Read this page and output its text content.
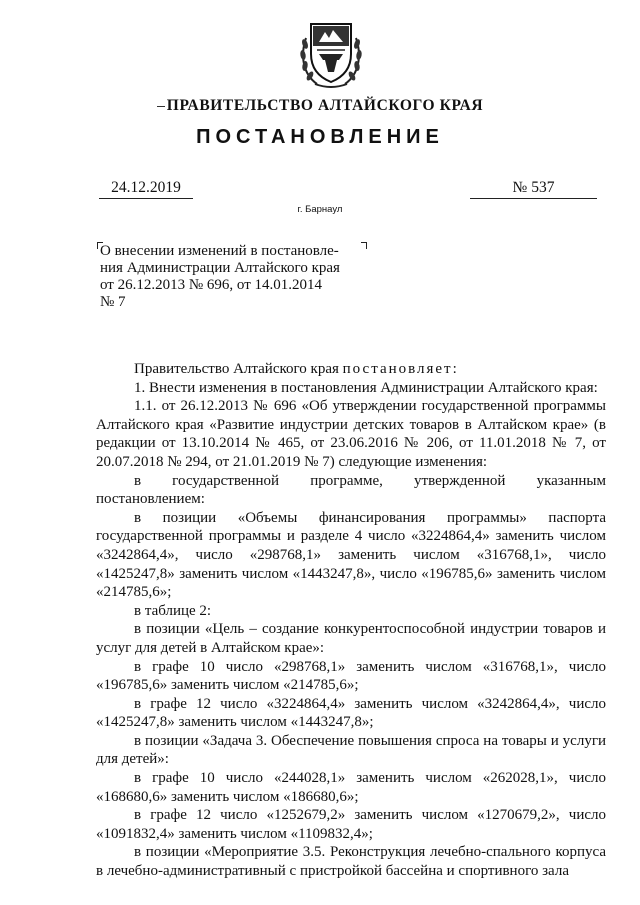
ПРАВИТЕЛЬСТВО АЛТАЙСКОГО КРАЯ
ПОСТАНОВЛЕНИЕ
24.12.2019	№ 537
г. Барнаул
О внесении изменений в постановле-
ния Администрации Алтайского края
от 26.12.2013 № 696, от 14.01.2014
№ 7

Правительство Алтайского края постановляет:

1. Внести изменения в постановления Администрации Алтайского края:

1.1. от 26.12.2013 № 696 «Об утверждении государственной программы Алтайского края «Развитие индустрии детских товаров в Алтайском крае» (в редакции от 13.10.2014 № 465, от 23.06.2016 № 206, от 11.01.2018 № 7, от 20.07.2018 № 294, от 21.01.2019 № 7) следующие изменения:

в государственной программе, утвержденной указанным постановлением:

в позиции «Объемы финансирования программы» паспорта государственной программы и разделе 4 число «3224864,4» заменить числом «3242864,4», число «298768,1» заменить числом «316768,1», число «1425247,8» заменить числом «1443247,8», число «196785,6» заменить числом «214785,6»;

в таблице 2:

в позиции «Цель – создание конкурентоспособной индустрии товаров и услуг для детей в Алтайском крае»:

в графе 10 число «298768,1» заменить числом «316768,1», число «196785,6» заменить числом «214785,6»;

в графе 12 число «3224864,4» заменить числом «3242864,4», число «1425247,8» заменить числом «1443247,8»;

в позиции «Задача 3. Обеспечение повышения спроса на товары и услуги для детей»:

в графе 10 число «244028,1» заменить числом «262028,1», число «168680,6» заменить числом «186680,6»;

в графе 12 число «1252679,2» заменить числом «1270679,2», число «1091832,4» заменить числом «1109832,4»;

в позиции «Мероприятие 3.5. Реконструкция лечебно-спального корпуса в лечебно-административный с пристройкой бассейна и спортивного зала
